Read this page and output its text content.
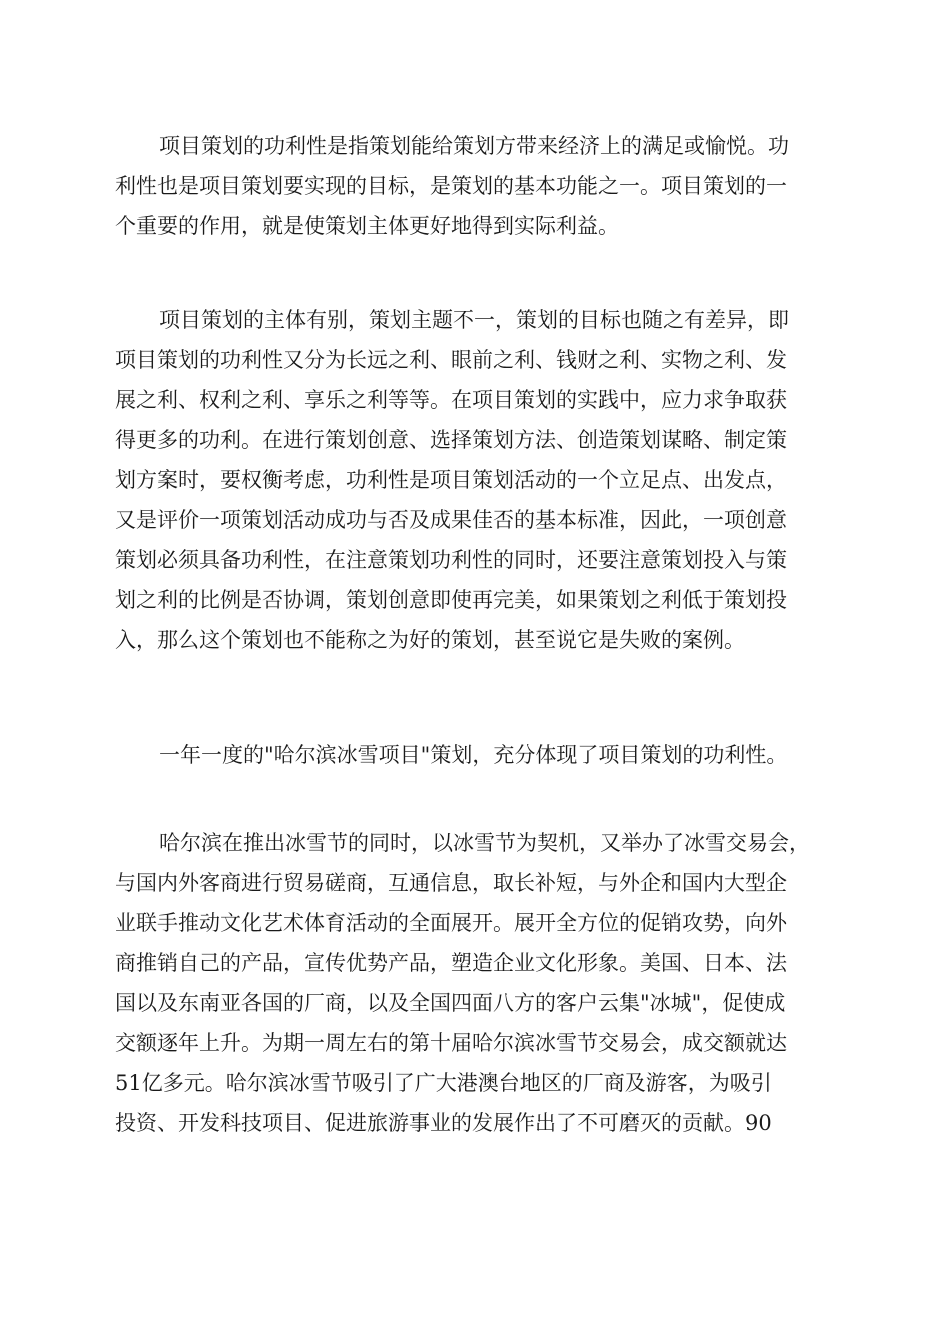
项目策划的功利性是指策划能给策划方带来经济上的满足或愉悦。功
利性也是项目策划要实现的目标，是策划的基本功能之一。项目策划的一
个重要的作用，就是使策划主体更好地得到实际利益。
项目策划的主体有别，策划主题不一，策划的目标也随之有差异，即
项目策划的功利性又分为长远之利、眼前之利、钱财之利、实物之利、发
展之利、权利之利、享乐之利等等。在项目策划的实践中，应力求争取获
得更多的功利。在进行策划创意、选择策划方法、创造策划谋略、制定策
划方案时，要权衡考虑，功利性是项目策划活动的一个立足点、出发点，
又是评价一项策划活动成功与否及成果佳否的基本标准，因此，一项创意
策划必须具备功利性，在注意策划功利性的同时，还要注意策划投入与策
划之利的比例是否协调，策划创意即使再完美，如果策划之利低于策划投
入，那么这个策划也不能称之为好的策划，甚至说它是失败的案例。
一年一度的"哈尔滨冰雪项目"策划，充分体现了项目策划的功利性。
哈尔滨在推出冰雪节的同时，以冰雪节为契机，又举办了冰雪交易会，
与国内外客商进行贸易磋商，互通信息，取长补短，与外企和国内大型企
业联手推动文化艺术体育活动的全面展开。展开全方位的促销攻势，向外
商推销自己的产品，宣传优势产品，塑造企业文化形象。美国、日本、法
国以及东南亚各国的厂商，以及全国四面八方的客户云集"冰城"，促使成
交额逐年上升。为期一周左右的第十届哈尔滨冰雪节交易会，成交额就达
51亿多元。哈尔滨冰雪节吸引了广大港澳台地区的厂商及游客，为吸引
投资、开发科技项目、促进旅游事业的发展作出了不可磨灭的贡献。90
